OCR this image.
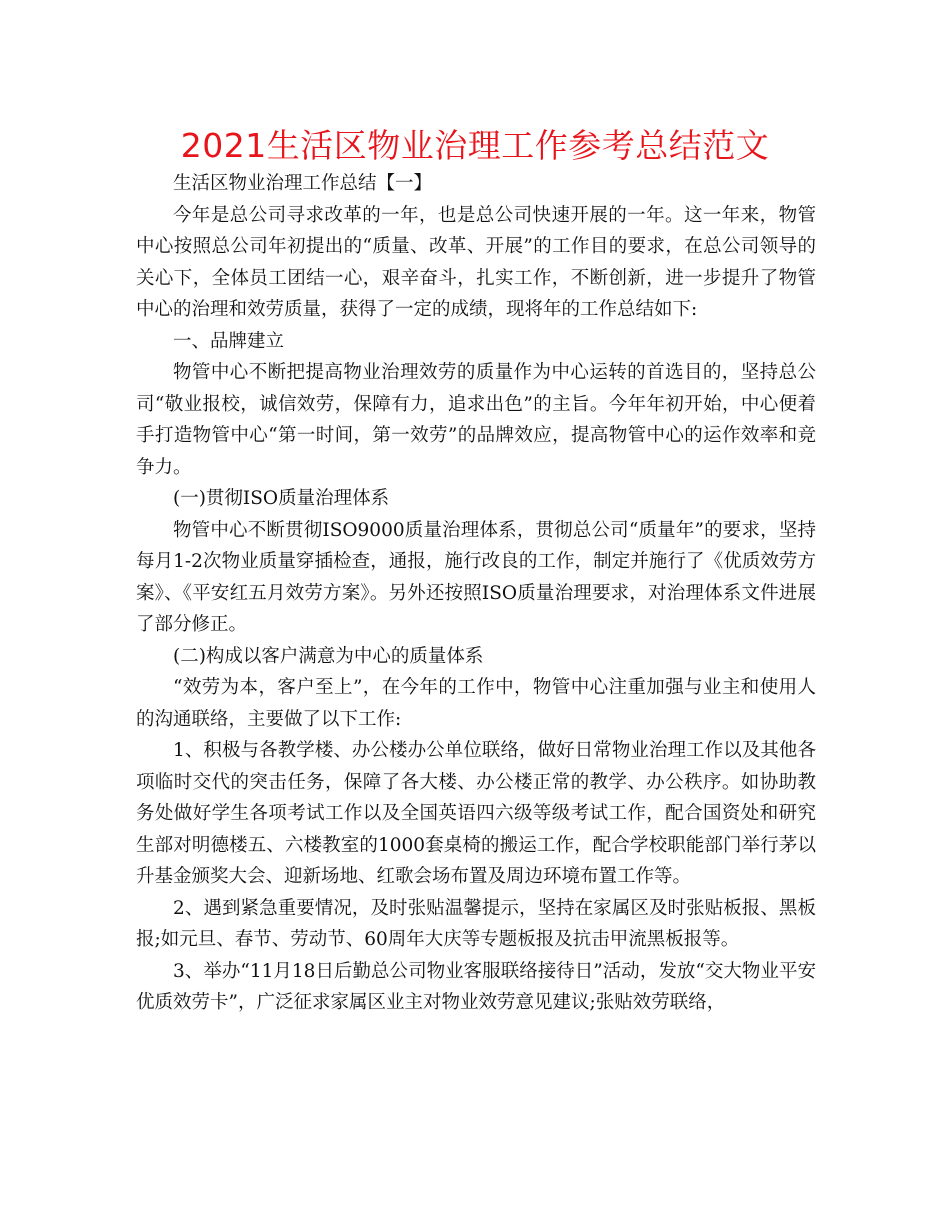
2021生活区物业治理工作参考总结范文

生活区物业治理工作总结【一】

今年是总公司寻求改革的一年，也是总公司快速开展的一年。这一年来，物管中心按照总公司年初提出的“质量、改革、开展”的工作目的要求，在总公司领导的关心下，全体员工团结一心，艰辛奋斗，扎实工作，不断创新，进一步提升了物管中心的治理和效劳质量，获得了一定的成绩，现将年的工作总结如下:

一、品牌建立

物管中心不断把提高物业治理效劳的质量作为中心运转的首选目的，坚持总公司“敬业报校，诚信效劳，保障有力，追求出色”的主旨。今年年初开始，中心便着手打造物管中心“第一时间，第一效劳”的品牌效应，提高物管中心的运作效率和竞争力。

(一)贯彻ISO质量治理体系

物管中心不断贯彻ISO9000质量治理体系，贯彻总公司“质量年”的要求，坚持每月1-2次物业质量穿插检查，通报，施行改良的工作，制定并施行了《优质效劳方案》、《平安红五月效劳方案》。另外还按照ISO质量治理要求，对治理体系文件进展了部分修正。

(二)构成以客户满意为中心的质量体系

“效劳为本，客户至上”，在今年的工作中，物管中心注重加强与业主和使用人的沟通联络，主要做了以下工作:

1、积极与各教学楼、办公楼办公单位联络，做好日常物业治理工作以及其他各项临时交代的突击任务，保障了各大楼、办公楼正常的教学、办公秩序。如协助教务处做好学生各项考试工作以及全国英语四六级等级考试工作，配合国资处和研究生部对明德楼五、六楼教室的1000套桌椅的搬运工作，配合学校职能部门举行茅以升基金颁奖大会、迎新场地、红歌会场布置及周边环境布置工作等。

2、遇到紧急重要情况，及时张贴温馨提示，坚持在家属区及时张贴板报、黑板报;如元旦、春节、劳动节、60周年大庆等专题板报及抗击甲流黑板报等。

3、举办“11月18日后勤总公司物业客服联络接待日”活动，发放“交大物业平安优质效劳卡”，广泛征求家属区业主对物业效劳意见建议;张贴效劳联络，
